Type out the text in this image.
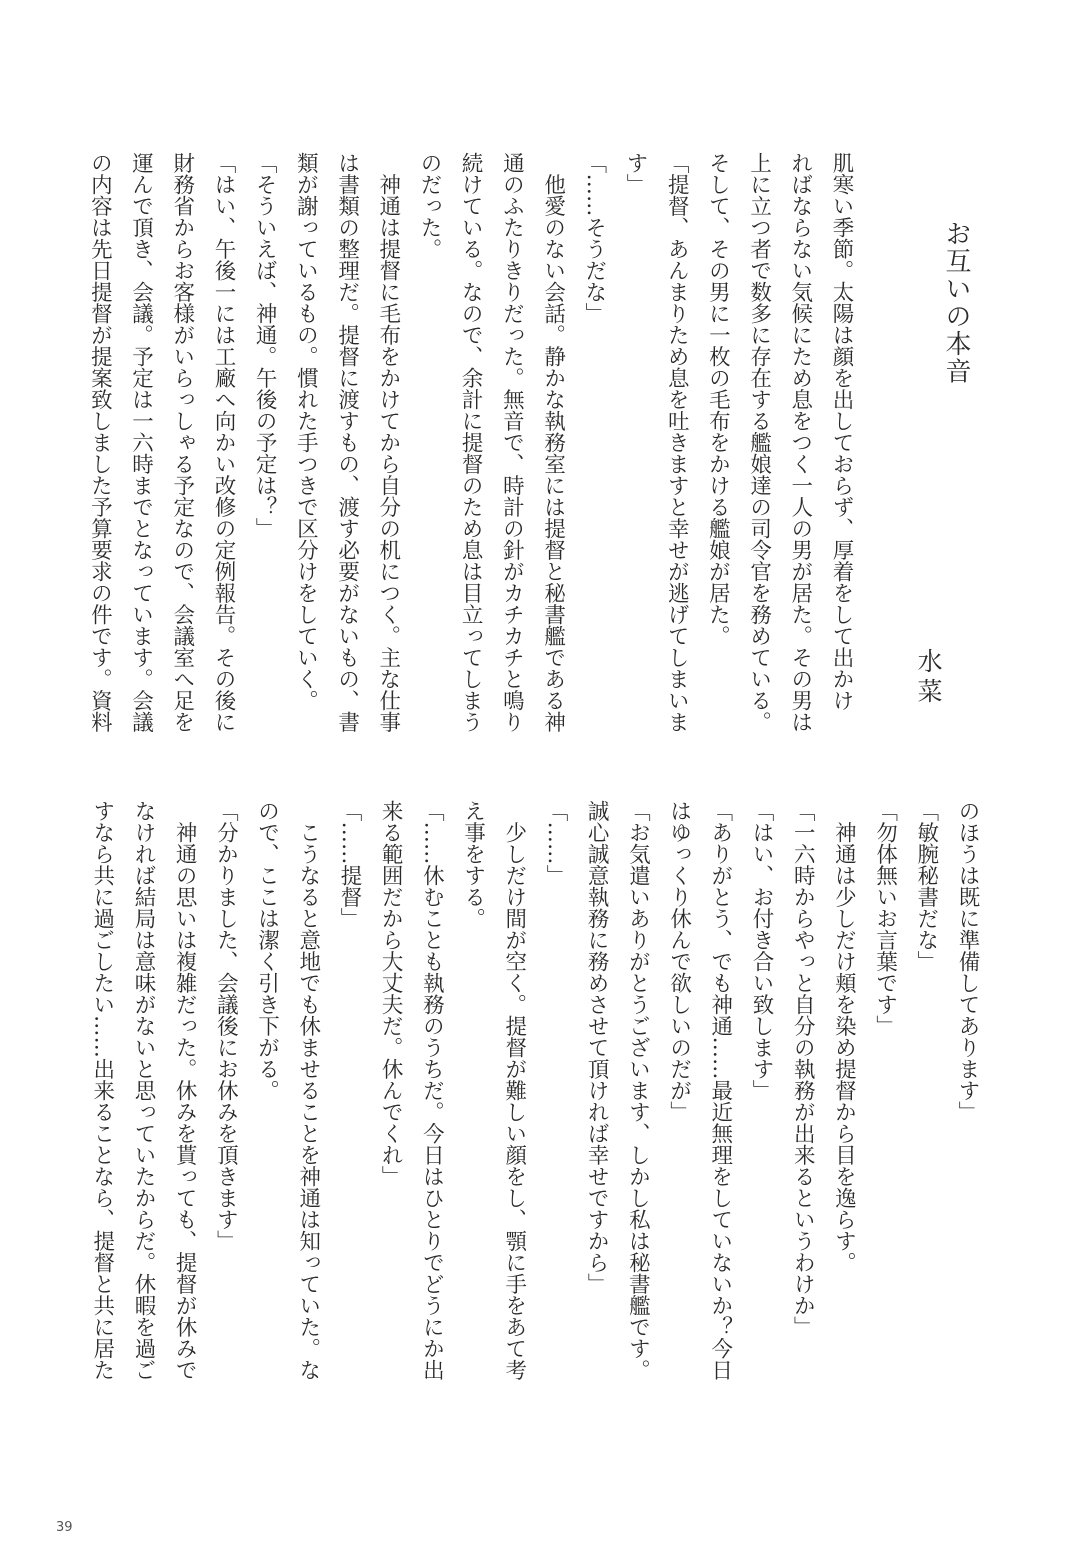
お互いの本音
水菜
肌寒い季節。太陽は顔を出しておらず、厚着をして出かけ
ればならない気候にため息をつく一人の男が居た。その男は
上に立つ者で数多に存在する艦娘達の司令官を務めている。
そして、その男に一枚の毛布をかける艦娘が居た。
「提督、あんまりため息を吐きますと幸せが逃げてしまいま
す」
「……そうだな」
　他愛のない会話。静かな執務室には提督と秘書艦である神
通のふたりきりだった。無音で、時計の針がカチカチと鳴り
続けている。なので、余計に提督のため息は目立ってしまう
のだった。
　神通は提督に毛布をかけてから自分の机につく。主な仕事
は書類の整理だ。提督に渡すもの、渡す必要がないもの、書
類が謝っているもの。慣れた手つきで区分けをしていく。
「そういえば、神通。午後の予定は？」
「はい、午後一には工廠へ向かい改修の定例報告。その後に
財務省からお客様がいらっしゃる予定なので、会議室へ足を
運んで頂き、会議。予定は一六時までとなっています。会議
の内容は先日提督が提案致しました予算要求の件です。資料
のほうは既に準備してあります」
「敏腕秘書だな」
「勿体無いお言葉です」
　神通は少しだけ頬を染め提督から目を逸らす。
「一六時からやっと自分の執務が出来るというわけか」
「はい、お付き合い致します」
「ありがとう、でも神通……最近無理をしていないか？今日
はゆっくり休んで欲しいのだが」
「お気遣いありがとうございます、しかし私は秘書艦です。
誠心誠意執務に務めさせて頂ければ幸せですから」
「……」
　少しだけ間が空く。提督が難しい顔をし、顎に手をあて考
え事をする。
「……休むことも執務のうちだ。今日はひとりでどうにか出
来る範囲だから大丈夫だ。休んでくれ」
「……提督」
　こうなると意地でも休ませることを神通は知っていた。な
ので、ここは潔く引き下がる。
「分かりました、会議後にお休みを頂きます」
　神通の思いは複雑だった。休みを貰っても、提督が休みで
なければ結局は意味がないと思っていたからだ。休暇を過ご
すなら共に過ごしたい……出来ることなら、提督と共に居た
39
